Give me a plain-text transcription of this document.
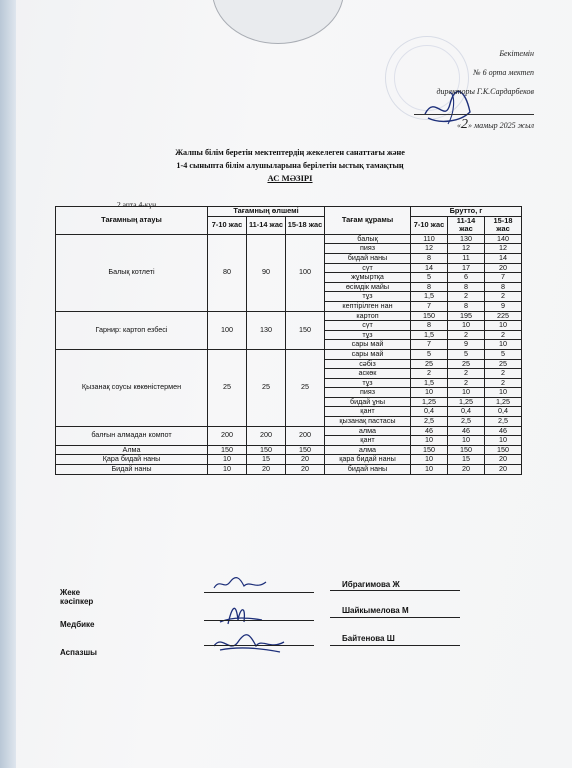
Бекітемін
№ 6 орта мектеп
директоры Г.К.Сардарбеков
«2» мамыр 2025 жыл
Жалпы білім беретін мектептердің жекелеген санаттағы және
1-4 сыныпта білім алушыларына берілетін ыстық тамақтың
АС МӘЗІРІ
2 апта 4-күн
Тағамның атауы	Тағамның өлшемі			Тағам құрамы	Брутто, г		
	7-10 жас	11-14 жас	15-18 жас		7-10 жас	11-14 жас	15-18 жас
Балық котлеті	80	90	100	балық	110	130	140
				пияз	12	12	12
				бидай наны	8	11	14
				сүт	14	17	20
				жұмыртқа	5	6	7
				өсімдік майы	8	8	8
				тұз	1,5	2	2
				кептірілген нан	7	8	9
Гарнир: картоп езбесі	100	130	150	картоп	150	195	225
				сүт	8	10	10
				тұз	1,5	2	2
				сары май	7	9	10
Қызанақ соусы көкөністермен	25	25	25	сары май	5	5	5
				сәбіз	25	25	25
				аскөк	2	2	2
				тұз	1,5	2	2
				пияз	10	10	10
				бидай ұны	1,25	1,25	1,25
				қант	0,4	0,4	0,4
				қызанақ пастасы	2,5	2,5	2,5
балғын алмадан компот	200	200	200	алма	46	46	46
				қант	10	10	10
Алма	150	150	150	алма	150	150	150
Қара бидай наны	10	15	20	қара бидай наны	10	15	20
Бидай наны	10	20	20	бидай наны	10	20	20
Жеке кәсіпкер
Ибрагимова Ж
Медбике
Шайкымелова М
Аспазшы
Байтенова Ш
